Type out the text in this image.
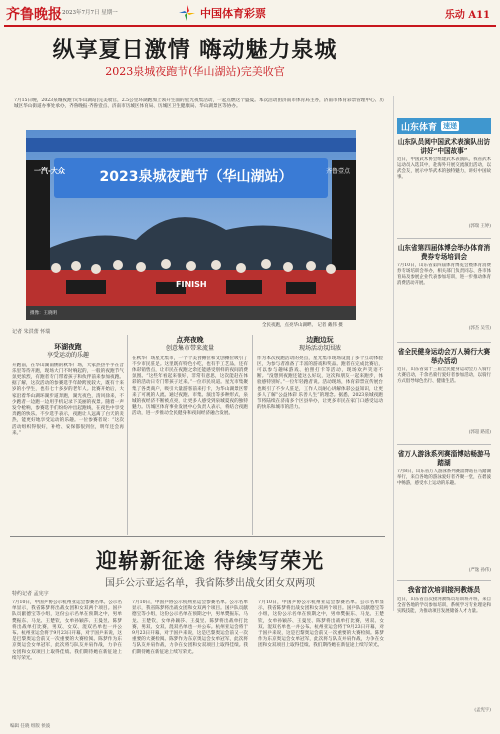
齐鲁晚报 2023年7月7日 星期一	中国体育彩票	乐动 A11
纵享夏日激情 嗨动魅力泉城
2023泉城夜跑节(华山湖站)完美收官
7月15日晚，2023泉城夜跑节(华山湖站)完美收官，2.5公里环湖跑加上领开生面的星光夜集活动，一起点燃这个盛夏。本次活动由济南市体育局主办，济南市体育彩票管理中心、历城区华山街道办事处承办，齐鲁晚报·齐鲁壹点、济南市历城区体育局、历城区卫生健康局、华山湖景区等协办。
一汽-大众	2023泉城夜跑节（华山湖站）	齐鲁壹点
FINISH
摄像：王晓明
全民夜跑，点亮华山湖畔。 记者 戴伟 摄
记者 朱洪蕾 怀瑞
环湖夜跑
享受运动的乐趣
开跑前，在华山湖南侧的秋华广场，大家热热乎乎在音乐里等待开跑，现场大门不时响起的，一般的夜跑节气氛更浓烈，有跑者专门带着孩子和伙伴前来参加夜跑。据了解，这次活动的参赛选手年龄跨度较大，既有十来岁的小学生，也有七十多岁的老年人。比赛开始后，大家沿着华山湖环湖步道奔跑，湖光夜色，清风徐来，不少跑者一边跑一边用手机记录下美丽的夜景。随着一声发令枪响，参赛选手们纷纷冲出起跑线，在夜色中享受奔跑的快乐。不少选手表示，夜跑让人远离了白天的炎热，能更好地享受运动的乐趣。一位参赛者说：“这次活动组织得很好，补给、安保都很到位，明年还会再来。”
点亮夜晚
创意集市带来流量
在秋华广场星光集市，一个个美食摊位和文创摊位吸引了不少市民驻足。这里既有特色小吃，也有手工艺品，还有体彩销售点，让市民在夜跑之余还能感受别样的夜间消费氛围。“这些年看起来很好，非常有意思，这次能赶在体彩的活动日专门带孩子过来。”一位市民说道。星光市集聚集了各类商户，吸引大量游客前来打卡，为华山湖景区带来了可观的人流。通过夜跑、市集、演出等多种形式，泉城的夜经济不断被点亮，让更多人感受到泉城夏夜的独特魅力。历城区体育事业发展中心负责人表示，将结合夜跑活动，进一步推动全民健身和夜间经济融合发展。
边跑边玩
现场活动氛围浓
作为本次夜跑活动的亮点，星光集市现场设置了多个互动体验区，为参与者准备了丰富的游戏和奖品。跑者在完成比赛后，可以参与趣味游戏、拍照打卡等活动，现场欢声笑语不断。“没想到夜跑还能这么好玩，这次和朋友一起来跑步，体验感特别好。”一位年轻跑者说。活动现场，体育彩票宣传展台也吸引了不少人驻足，工作人员耐心讲解体彩公益知识，让更多人了解“公益体彩 乐善人生”的理念。据悉，2023泉城夜跑节将陆续在济南多个区县举办，让更多市民在家门口感受运动的快乐和城市的活力。
迎崭新征途 待续写荣光
国乒公示亚运名单，我省陈梦出战女团女双两项
特约记者 孟宪宇
7月10日，中国乒协公示杭州亚运会参赛名单。公示名单显示，我省陈梦将出战女团和女双两个项目。国乒队员献德宝等小组，这份公示名单在预期之中，男单樊振东、马龙、王楚钦，女单孙颖莎、王曼昱、陈梦将出战单打比赛，男双、女双、混双名单也一并公布。杭州亚运会将于9月23日开幕，对于国乒来说，这是巴黎奥运会前又一次重要的大赛检阅。陈梦作为东京奥运会女单冠军，此次将与队友并肩作战，力争在女团和女双项目上取得佳绩。我们期待她在新征途上续写荣光。
7月10日，中国乒协公示杭州亚运会参赛名单。公示名单显示，我省陈梦将出战女团和女双两个项目。国乒队员献德宝等小组，这份公示名单在预期之中，男单樊振东、马龙、王楚钦，女单孙颖莎、王曼昱、陈梦将出战单打比赛，男双、女双、混双名单也一并公布。杭州亚运会将于9月23日开幕，对于国乒来说，这是巴黎奥运会前又一次重要的大赛检阅。陈梦作为东京奥运会女单冠军，此次将与队友并肩作战，力争在女团和女双项目上取得佳绩。我们期待她在新征途上续写荣光。
7月10日，中国乒协公示杭州亚运会参赛名单。公示名单显示，我省陈梦将出战女团和女双两个项目。国乒队员献德宝等小组，这份公示名单在预期之中，男单樊振东、马龙、王楚钦，女单孙颖莎、王曼昱、陈梦将出战单打比赛，男双、女双、混双名单也一并公布。杭州亚运会将于9月23日开幕，对于国乒来说，这是巴黎奥运会前又一次重要的大赛检阅。陈梦作为东京奥运会女单冠军，此次将与队友并肩作战，力争在女团和女双项目上取得佳绩。我们期待她在新征途上续写荣光。
山东体育 速递
山东队员阅中国武术表演队出访讲好“中国故事”
近日，中国武术协会组建武术表演队，我省武术运动员入选其中，赴海外开展交流演出活动，以武会友，展示中华武术的独特魅力，讲好中国故事。
(郭瑞 王婷)
山东省第四届体博会举办体育消费券专场培训会
7月10日，山东省第四届体育博览会暨体育消费券专场培训会举办，相关部门负责同志、各市体育局及参展企业代表参加培训，进一步推动体育消费活动开展。
(郭杰 吴雪)
省全民健身运动会万人骑行大赛举办活动
近日，山东省第十三届全民健身运动会万人骑行大赛启动，千余名骑行爱好者参加活动，以骑行方式倡导绿色出行、健康生活。
(郭超 路遥)
省万人游泳系列赛淄博站畅游马踏湖
7月8日，山东省万人游泳系列赛淄博站在马踏湖举行，来自各地的游泳爱好者齐聚一堂，在碧波中畅游，感受水上运动的乐趣。
(严逸 孙伟)
我省首次培训接河教练员
近日，山东省首次接河教练员培训班开班，来自全省各地的学员参加培训，系统学习专业理论和实践技能，为推动项目发展储备人才力量。
(孟宪宇)
编辑 任晓 组版 侯波
